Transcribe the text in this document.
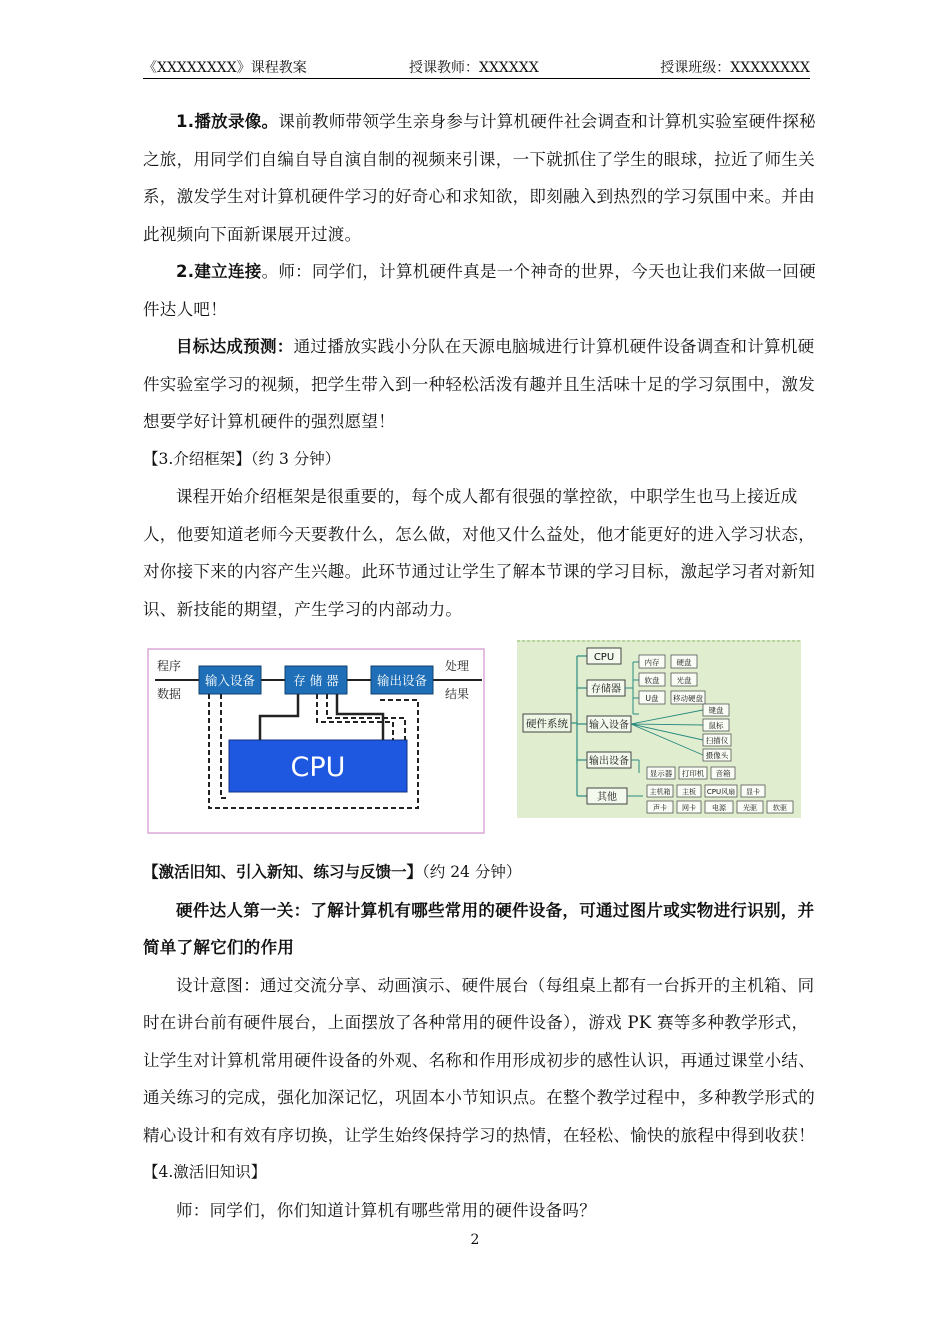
《XXXXXXXX》课程教案	授课教师：XXXXXX	授课班级：XXXXXXXX

1.播放录像。课前教师带领学生亲身参与计算机硬件社会调查和计算机实验室硬件探秘之旅，用同学们自编自导自演自制的视频来引课，一下就抓住了学生的眼球，拉近了师生关系，激发学生对计算机硬件学习的好奇心和求知欲，即刻融入到热烈的学习氛围中来。并由此视频向下面新课展开过渡。

2.建立连接。师：同学们，计算机硬件真是一个神奇的世界，今天也让我们来做一回硬件达人吧！

目标达成预测：通过播放实践小分队在天源电脑城进行计算机硬件设备调查和计算机硬件实验室学习的视频，把学生带入到一种轻松活泼有趣并且生活味十足的学习氛围中，激发想要学好计算机硬件的强烈愿望！

【3.介绍框架】（约 3 分钟）

课程开始介绍框架是很重要的，每个成人都有很强的掌控欲，中职学生也马上接近成人，他要知道老师今天要教什么，怎么做，对他又什么益处，他才能更好的进入学习状态，对你接下来的内容产生兴趣。此环节通过让学生了解本节课的学习目标，激起学习者对新知识、新技能的期望，产生学习的内部动力。

程序
数据
处理
结果
输入设备	存 储 器	输出设备
CPU
硬件系统
CPU
存储器
输入设备
输出设备
其他
内存 硬盘
软盘 光盘
U盘 移动硬盘
键盘
鼠标
扫描仪
摄像头
显示器 打印机 音箱
主机箱 主板 CPU风扇 显卡
声卡 网卡 电源 光驱 软驱

【激活旧知、引入新知、练习与反馈一】（约 24 分钟）

硬件达人第一关：了解计算机有哪些常用的硬件设备，可通过图片或实物进行识别，并简单了解它们的作用

设计意图：通过交流分享、动画演示、硬件展台（每组桌上都有一台拆开的主机箱、同时在讲台前有硬件展台，上面摆放了各种常用的硬件设备），游戏 PK 赛等多种教学形式，让学生对计算机常用硬件设备的外观、名称和作用形成初步的感性认识，再通过课堂小结、通关练习的完成，强化加深记忆，巩固本小节知识点。在整个教学过程中，多种教学形式的精心设计和有效有序切换，让学生始终保持学习的热情，在轻松、愉快的旅程中得到收获！

【4.激活旧知识】

师：同学们，你们知道计算机有哪些常用的硬件设备吗？

2
